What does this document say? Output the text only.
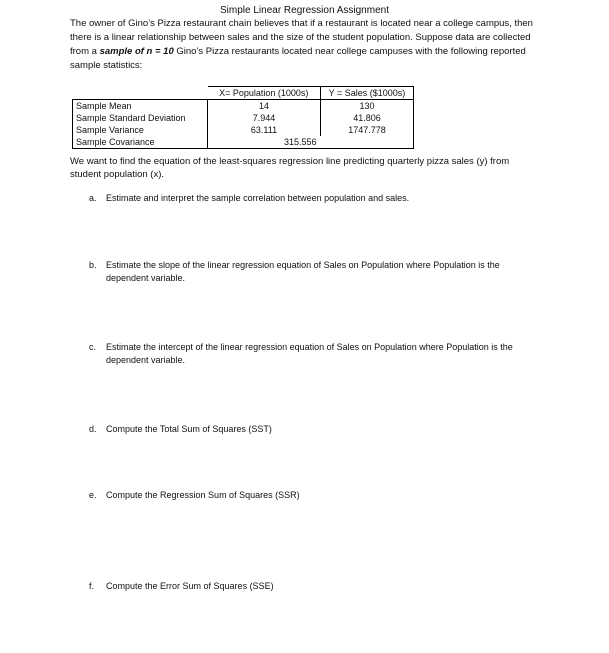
Simple Linear Regression Assignment
The owner of Gino’s Pizza restaurant chain believes that if a restaurant is located near a college campus, then there is a linear relationship between sales and the size of the student population. Suppose data are collected from a sample of n = 10 Gino’s Pizza restaurants located near college campuses with the following reported sample statistics:
	X= Population (1000s)	Y = Sales ($1000s)
Sample Mean	14	130
Sample Standard Deviation	7.944	41.806
Sample Variance	63.111	1747.778
Sample Covariance	315.556	
We want to find the equation of the least-squares regression line predicting quarterly pizza sales (y) from student population (x).
a.	Estimate and interpret the sample correlation between population and sales.
b.	Estimate the slope of the linear regression equation of Sales on Population where Population is the dependent variable.
c.	Estimate the intercept of the linear regression equation of Sales on Population where Population is the dependent variable.
d.	Compute the Total Sum of Squares (SST)
e.	Compute the Regression Sum of Squares (SSR)
f.	Compute the Error Sum of Squares (SSE)
